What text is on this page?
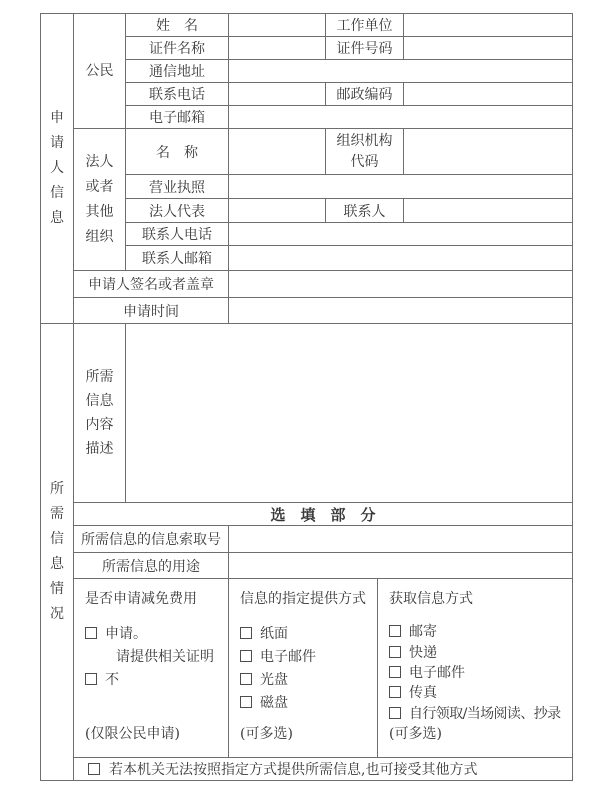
申
请
人
信
息
公民
姓　名	工作单位
证件名称	证件号码
通信地址
联系电话	邮政编码
电子邮箱
法人
或者
其他
组织
名　称
组织机构
代码
营业执照
法人代表	联系人
联系人电话
联系人邮箱
申请人签名或者盖章
申请时间
所
需
信
息
情
况
所需
信息
内容
描述
选　填　部　分
所需信息的信息索取号
所需信息的用途
是否申请减免费用
申请。
请提供相关证明
不
(仅限公民申请)
信息的指定提供方式
纸面
电子邮件
光盘
磁盘
(可多选)
获取信息方式
邮寄
快递
电子邮件
传真
自行领取/当场阅读、抄录
(可多选)
若本机关无法按照指定方式提供所需信息,也可接受其他方式
